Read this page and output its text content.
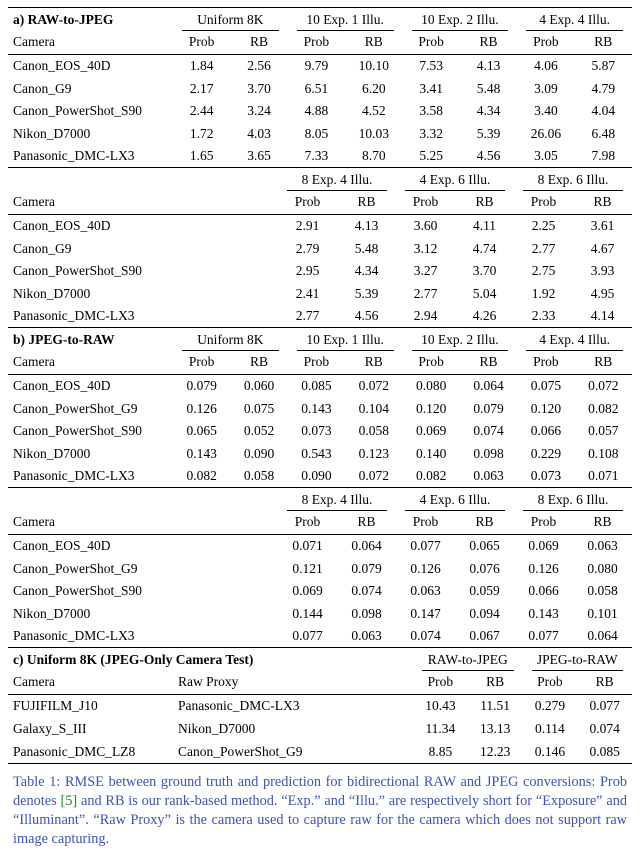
a) RAW-to-JPEG	Uniform 8K		10 Exp. 1 Illu.		10 Exp. 2 Illu.		4 Exp. 4 Illu.	

Camera	Prob	RB	Prob	RB	Prob	RB	Prob	RB
Canon_EOS_40D	1.84	2.56	9.79	10.10	7.53	4.13	4.06	5.87
Canon_G9	2.17	3.70	6.51	6.20	3.41	5.48	3.09	4.79
Canon_PowerShot_S90	2.44	3.24	4.88	4.52	3.58	4.34	3.40	4.04
Nikon_D7000	1.72	4.03	8.05	10.03	3.32	5.39	26.06	6.48
Panasonic_DMC-LX3	1.65	3.65	7.33	8.70	5.25	4.56	3.05	7.98

	8 Exp. 4 Illu.		4 Exp. 6 Illu.		8 Exp. 6 Illu.	

Camera	Prob	RB	Prob	RB	Prob	RB
Canon_EOS_40D	2.91	4.13	3.60	4.11	2.25	3.61
Canon_G9	2.79	5.48	3.12	4.74	2.77	4.67
Canon_PowerShot_S90	2.95	4.34	3.27	3.70	2.75	3.93
Nikon_D7000	2.41	5.39	2.77	5.04	1.92	4.95
Panasonic_DMC-LX3	2.77	4.56	2.94	4.26	2.33	4.14
b) JPEG-to-RAW	Uniform 8K		10 Exp. 1 Illu.		10 Exp. 2 Illu.		4 Exp. 4 Illu.	

Camera	Prob	RB	Prob	RB	Prob	RB	Prob	RB
Canon_EOS_40D	0.079	0.060	0.085	0.072	0.080	0.064	0.075	0.072
Canon_PowerShot_G9	0.126	0.075	0.143	0.104	0.120	0.079	0.120	0.082
Canon_PowerShot_S90	0.065	0.052	0.073	0.058	0.069	0.074	0.066	0.057
Nikon_D7000	0.143	0.090	0.543	0.123	0.140	0.098	0.229	0.108
Panasonic_DMC-LX3	0.082	0.058	0.090	0.072	0.082	0.063	0.073	0.071

	8 Exp. 4 Illu.		4 Exp. 6 Illu.		8 Exp. 6 Illu.	

Camera	Prob	RB	Prob	RB	Prob	RB
Canon_EOS_40D	0.071	0.064	0.077	0.065	0.069	0.063
Canon_PowerShot_G9	0.121	0.079	0.126	0.076	0.126	0.080
Canon_PowerShot_S90	0.069	0.074	0.063	0.059	0.066	0.058
Nikon_D7000	0.144	0.098	0.147	0.094	0.143	0.101
Panasonic_DMC-LX3	0.077	0.063	0.074	0.067	0.077	0.064
c) Uniform 8K (JPEG-Only Camera Test)		RAW-to-JPEG		JPEG-to-RAW	

Camera	Raw Proxy	Prob	RB	Prob	RB
FUJIFILM_J10	Panasonic_DMC-LX3	10.43	11.51	0.279	0.077
Galaxy_S_III	Nikon_D7000	11.34	13.13	0.114	0.074
Panasonic_DMC_LZ8	Canon_PowerShot_G9	8.85	12.23	0.146	0.085

Table 1: RMSE between ground truth and prediction for bidirectional RAW and JPEG conversions: Prob denotes [5] and RB is our rank-based method. “Exp.” and “Illu.” are respectively short for “Exposure” and “Illuminant”. “Raw Proxy” is the camera used to capture raw for the camera which does not support raw image capturing.
